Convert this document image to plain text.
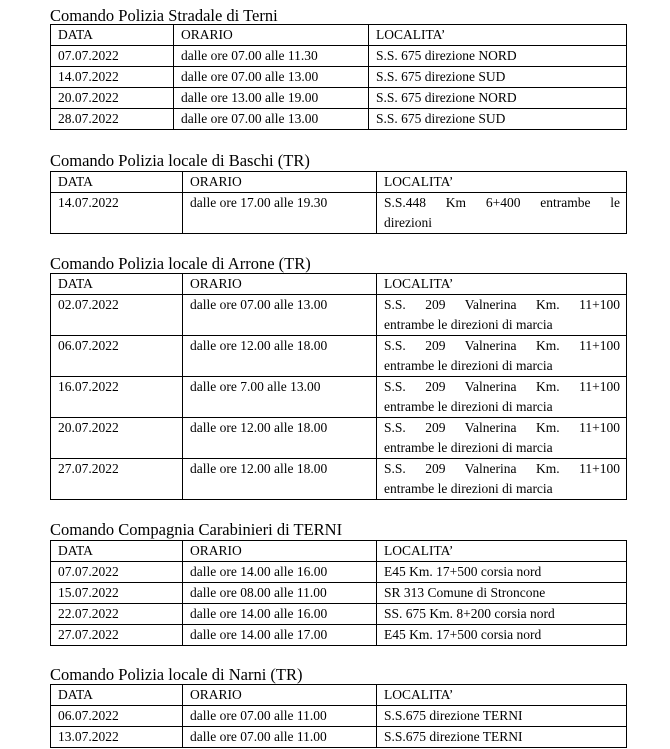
Comando Polizia Stradale di Terni
DATA	ORARIO	LOCALITA’
07.07.2022	dalle ore 07.00 alle 11.30	S.S. 675 direzione NORD
14.07.2022	dalle ore 07.00 alle 13.00	S.S. 675 direzione SUD
20.07.2022	dalle ore 13.00 alle 19.00	S.S. 675 direzione NORD
28.07.2022	dalle ore 07.00 alle 13.00	S.S. 675 direzione SUD
Comando Polizia locale di Baschi (TR)
DATA	ORARIO	LOCALITA’
14.07.2022	dalle ore 17.00 alle 19.30	S.S.448 Km 6+400 entrambe le
direzioni
Comando Polizia locale di Arrone (TR)
DATA	ORARIO	LOCALITA’
02.07.2022	dalle ore 07.00 alle 13.00	S.S. 209 Valnerina Km. 11+100
entrambe le direzioni di marcia

06.07.2022	dalle ore 12.00 alle 18.00	S.S. 209 Valnerina Km. 11+100
entrambe le direzioni di marcia

16.07.2022	dalle ore 7.00 alle 13.00	S.S. 209 Valnerina Km. 11+100
entrambe le direzioni di marcia

20.07.2022	dalle ore 12.00 alle 18.00	S.S. 209 Valnerina Km. 11+100
entrambe le direzioni di marcia

27.07.2022	dalle ore 12.00 alle 18.00	S.S. 209 Valnerina Km. 11+100
entrambe le direzioni di marcia
Comando Compagnia Carabinieri di TERNI
DATA	ORARIO	LOCALITA’
07.07.2022	dalle ore 14.00 alle 16.00	E45 Km. 17+500 corsia nord
15.07.2022	dalle ore 08.00 alle 11.00	SR 313 Comune di Stroncone
22.07.2022	dalle ore 14.00 alle 16.00	SS. 675 Km. 8+200 corsia nord
27.07.2022	dalle ore 14.00 alle 17.00	E45 Km. 17+500 corsia nord
Comando Polizia locale di Narni (TR)
DATA	ORARIO	LOCALITA’
06.07.2022	dalle ore 07.00 alle 11.00	S.S.675 direzione TERNI
13.07.2022	dalle ore 07.00 alle 11.00	S.S.675 direzione TERNI
